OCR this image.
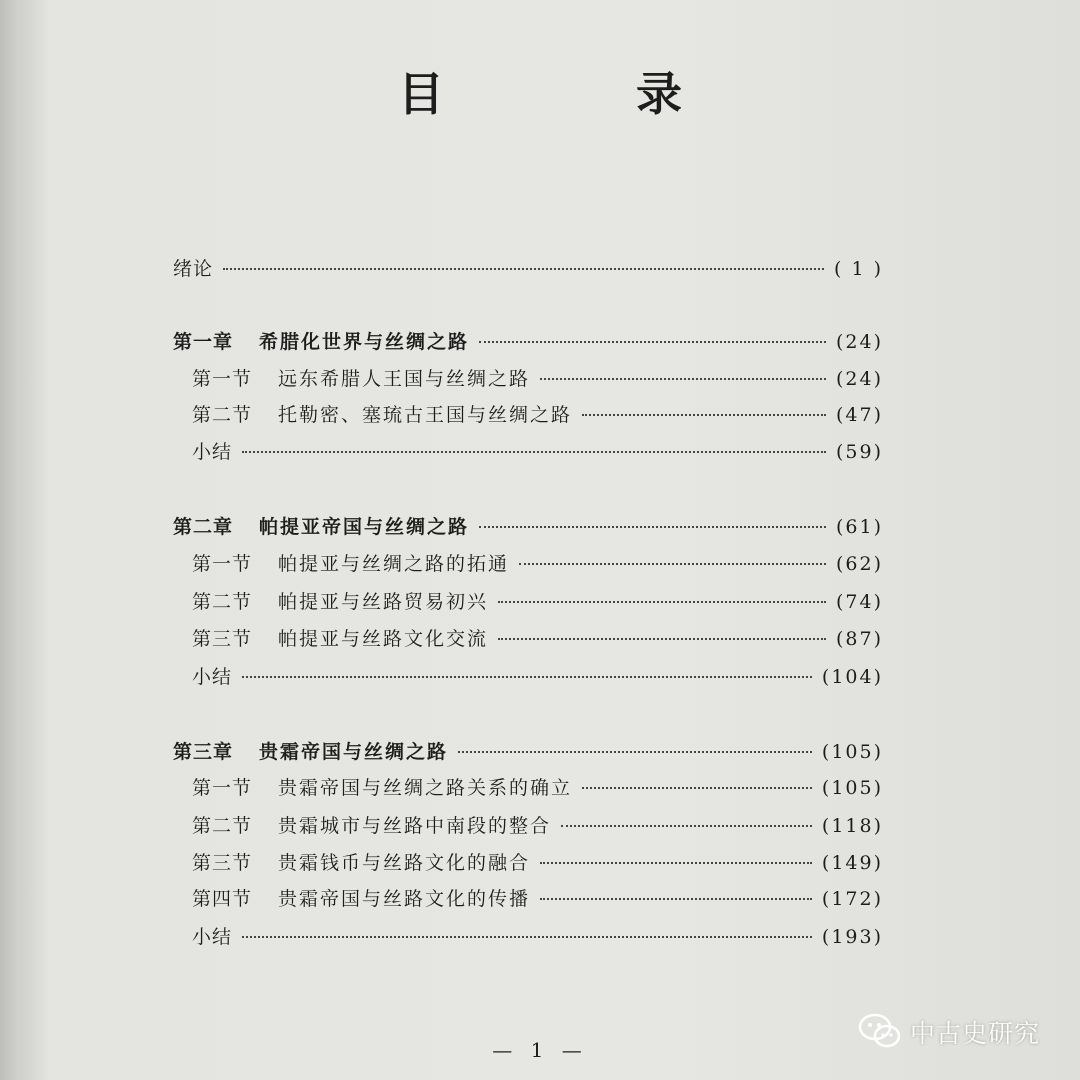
目 录
绪论	( 1 )
第一章 希腊化世界与丝绸之路	(24)
第一节 远东希腊人王国与丝绸之路	(24)
第二节 托勒密、塞琉古王国与丝绸之路	(47)
小结	(59)
第二章 帕提亚帝国与丝绸之路	(61)
第一节 帕提亚与丝绸之路的拓通	(62)
第二节 帕提亚与丝路贸易初兴	(74)
第三节 帕提亚与丝路文化交流	(87)
小结	(104)
第三章 贵霜帝国与丝绸之路	(105)
第一节 贵霜帝国与丝绸之路关系的确立	(105)
第二节 贵霜城市与丝路中南段的整合	(118)
第三节 贵霜钱币与丝路文化的融合	(149)
第四节 贵霜帝国与丝路文化的传播	(172)
小结	(193)
— 1 —
中古史研究
